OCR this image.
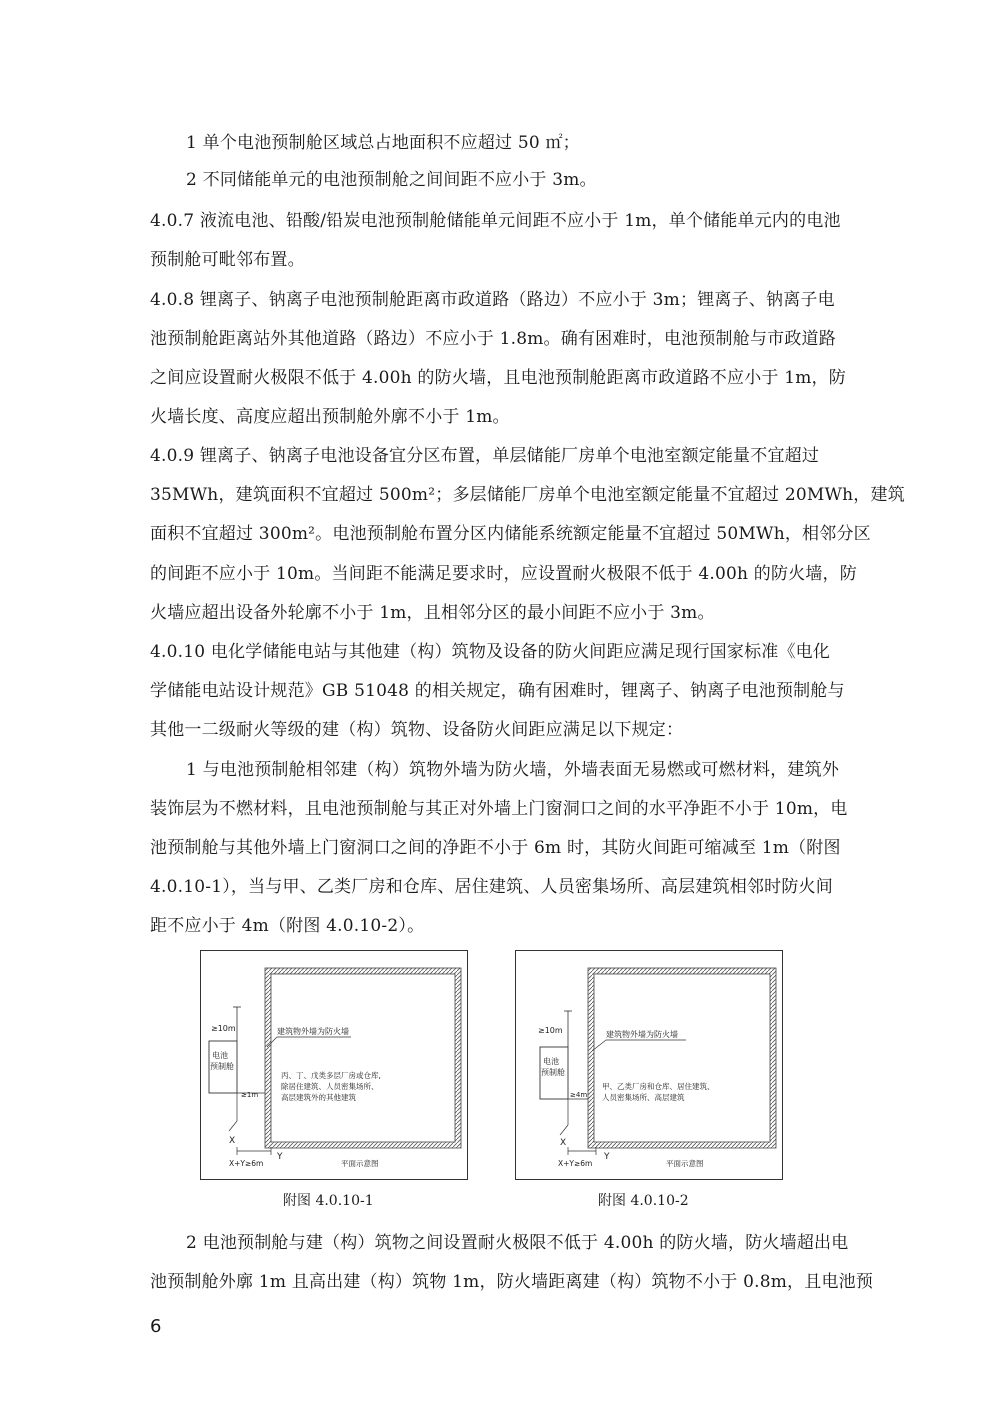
1 单个电池预制舱区域总占地面积不应超过 50 ㎡；
2 不同储能单元的电池预制舱之间间距不应小于 3m。
4.0.7 液流电池、铅酸/铅炭电池预制舱储能单元间距不应小于 1m，单个储能单元内的电池
预制舱可毗邻布置。
4.0.8 锂离子、钠离子电池预制舱距离市政道路（路边）不应小于 3m；锂离子、钠离子电
池预制舱距离站外其他道路（路边）不应小于 1.8m。确有困难时，电池预制舱与市政道路
之间应设置耐火极限不低于 4.00h 的防火墙，且电池预制舱距离市政道路不应小于 1m，防
火墙长度、高度应超出预制舱外廓不小于 1m。
4.0.9 锂离子、钠离子电池设备宜分区布置，单层储能厂房单个电池室额定能量不宜超过
35MWh，建筑面积不宜超过 500m²；多层储能厂房单个电池室额定能量不宜超过 20MWh，建筑
面积不宜超过 300m²。电池预制舱布置分区内储能系统额定能量不宜超过 50MWh，相邻分区
的间距不应小于 10m。当间距不能满足要求时，应设置耐火极限不低于 4.00h 的防火墙，防
火墙应超出设备外轮廓不小于 1m，且相邻分区的最小间距不应小于 3m。
4.0.10 电化学储能电站与其他建（构）筑物及设备的防火间距应满足现行国家标准《电化
学储能电站设计规范》GB 51048 的相关规定，确有困难时，锂离子、钠离子电池预制舱与
其他一二级耐火等级的建（构）筑物、设备防火间距应满足以下规定：
1 与电池预制舱相邻建（构）筑物外墙为防火墙，外墙表面无易燃或可燃材料，建筑外
装饰层为不燃材料，且电池预制舱与其正对外墙上门窗洞口之间的水平净距不小于 10m，电
池预制舱与其他外墙上门窗洞口之间的净距不小于 6m 时，其防火间距可缩减至 1m（附图
4.0.10-1），当与甲、乙类厂房和仓库、居住建筑、人员密集场所、高层建筑相邻时防火间
距不应小于 4m（附图 4.0.10-2）。
电池
预制舱
≥10m	建筑物外墙为防火墙
≥1m
丙、丁、戊类多层厂房或仓库,
除居住建筑、人员密集场所、
高层建筑外的其他建筑
X
Y
X+Y≥6m	平面示意图
附图 4.0.10-1
电池
预制舱
≥10m	建筑物外墙为防火墙
≥4m
甲、乙类厂房和仓库、居住建筑、
人员密集场所、高层建筑
X
Y
X+Y≥6m	平面示意图
附图 4.0.10-2
2 电池预制舱与建（构）筑物之间设置耐火极限不低于 4.00h 的防火墙，防火墙超出电
池预制舱外廓 1m 且高出建（构）筑物 1m，防火墙距离建（构）筑物不小于 0.8m，且电池预
6
